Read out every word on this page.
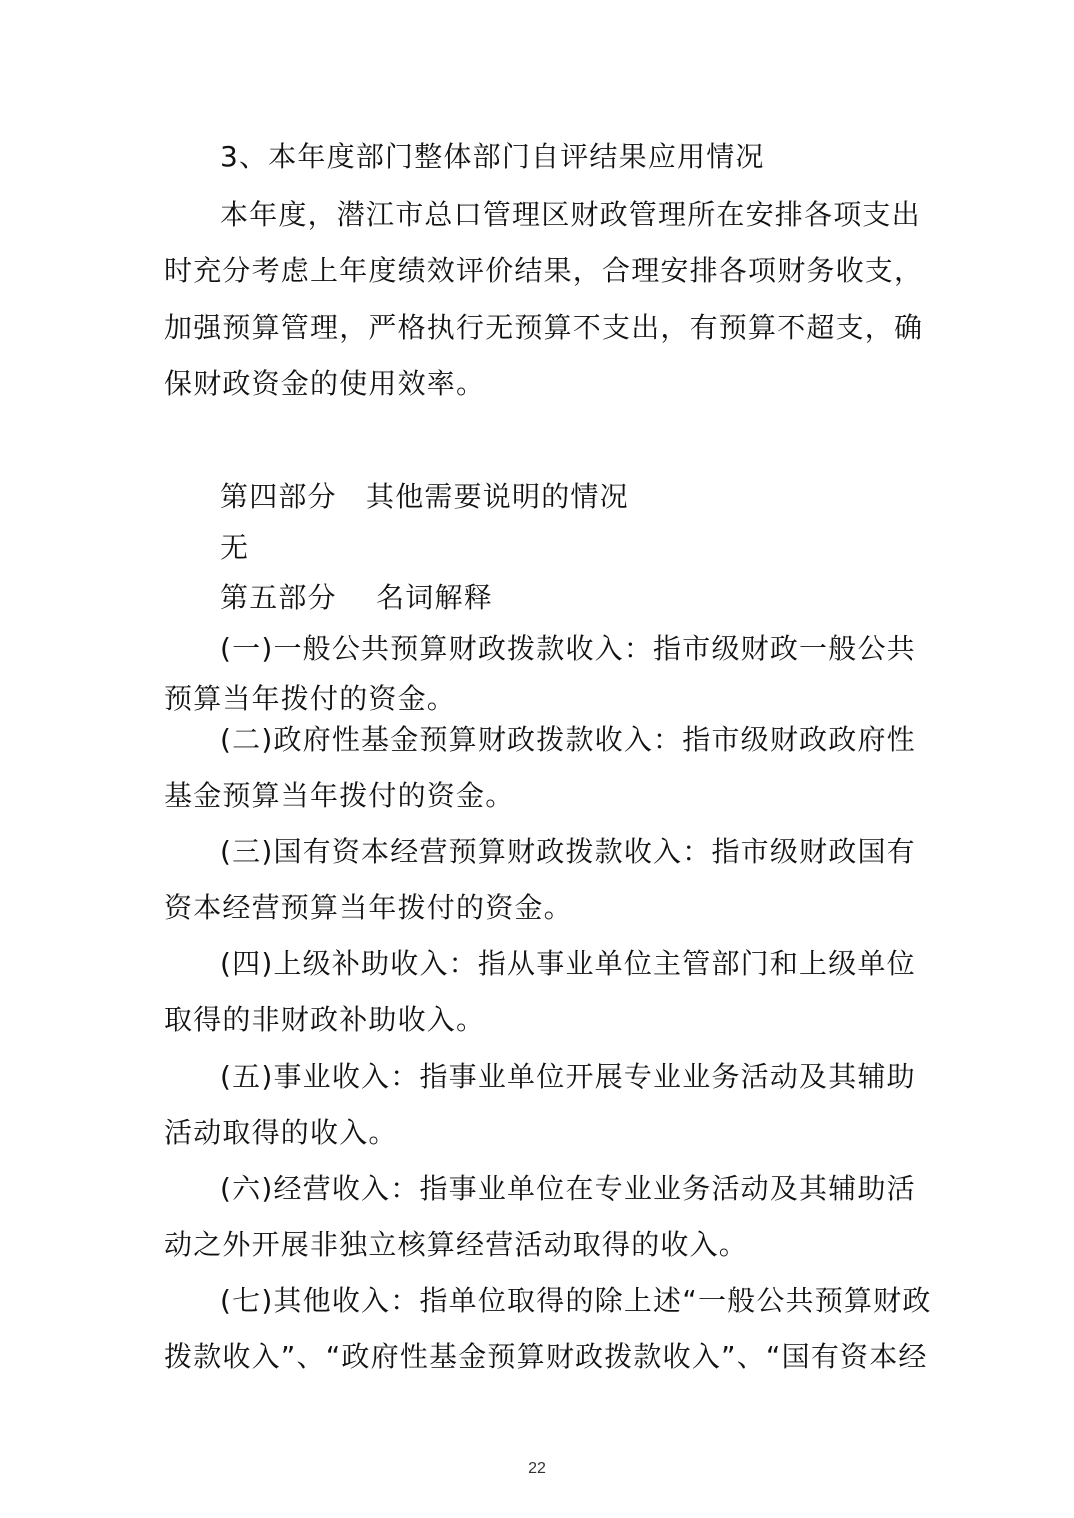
3、本年度部门整体部门自评结果应用情况
本年度，潜江市总口管理区财政管理所在安排各项支出
时充分考虑上年度绩效评价结果，合理安排各项财务收支，
加强预算管理，严格执行无预算不支出，有预算不超支，确
保财政资金的使用效率。
第四部分　其他需要说明的情况
无
第五部分　 名词解释
(一)一般公共预算财政拨款收入：指市级财政一般公共
预算当年拨付的资金。
(二)政府性基金预算财政拨款收入：指市级财政政府性
基金预算当年拨付的资金。
(三)国有资本经营预算财政拨款收入：指市级财政国有
资本经营预算当年拨付的资金。
(四)上级补助收入：指从事业单位主管部门和上级单位
取得的非财政补助收入。
(五)事业收入：指事业单位开展专业业务活动及其辅助
活动取得的收入。
(六)经营收入：指事业单位在专业业务活动及其辅助活
动之外开展非独立核算经营活动取得的收入。
(七)其他收入：指单位取得的除上述“一般公共预算财政
拨款收入”、“政府性基金预算财政拨款收入”、“国有资本经
22
